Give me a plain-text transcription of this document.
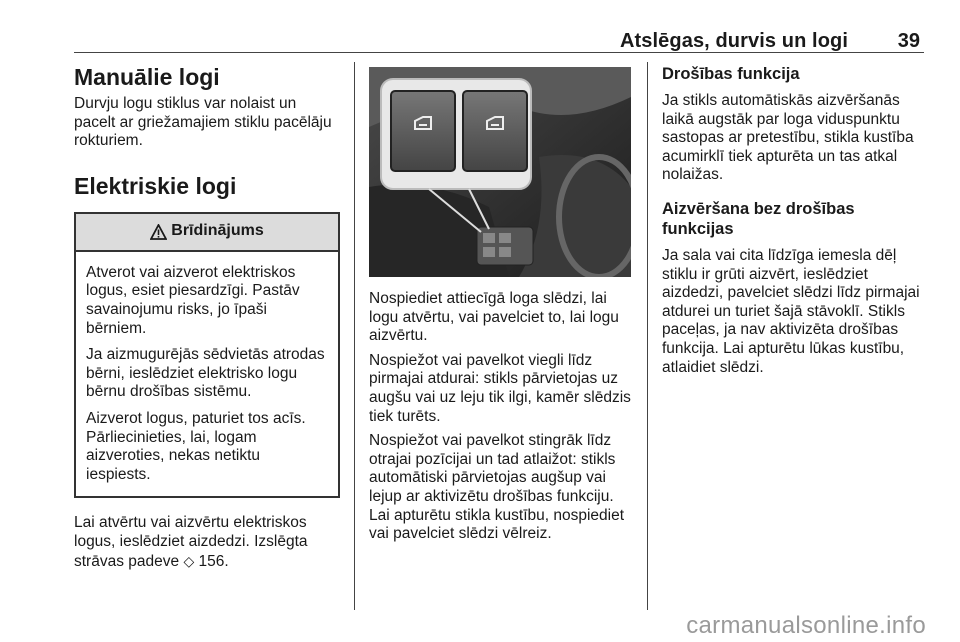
Atslēgas, durvis un logi 39
Manuālie logi

Durvju logu stiklus var nolaist un pacelt ar griežamajiem stiklu pacēlāju rokturiem.

Elektriskie logi
Brīdinājums

Atverot vai aizverot elektriskos logus, esiet piesardzīgi. Pastāv savainojumu risks, jo īpaši bērniem.

Ja aizmugurējās sēdvietās atrodas bērni, ieslēdziet elektrisko logu bērnu drošības sistēmu.

Aizverot logus, paturiet tos acīs. Pārliecinieties, lai, logam aizveroties, nekas netiktu iespiests.

Lai atvērtu vai aizvērtu elektriskos logus, ieslēdziet aizdedzi. Izslēgta strāvas padeve ◇ 156.

Nospiediet attiecīgā loga slēdzi, lai logu atvērtu, vai pavelciet to, lai logu aizvērtu.

Nospiežot vai pavelkot viegli līdz pirmajai atdurai: stikls pārvietojas uz augšu vai uz leju tik ilgi, kamēr slēdzis tiek turēts.

Nospiežot vai pavelkot stingrāk līdz otrajai pozīcijai un tad atlaižot: stikls automātiski pārvietojas augšup vai lejup ar aktivizētu drošības funkciju. Lai apturētu stikla kustību, nospiediet vai pavelciet slēdzi vēlreiz.

Drošības funkcija

Ja stikls automātiskās aizvēršanās laikā augstāk par loga viduspunktu sastopas ar pretestību, stikla kustība acumirklī tiek apturēta un tas atkal nolaižas.

Aizvēršana bez drošības funkcijas

Ja sala vai cita līdzīga iemesla dēļ stiklu ir grūti aizvērt, ieslēdziet aizdedzi, pavelciet slēdzi līdz pirmajai atdurei un turiet šajā stāvoklī. Stikls paceļas, ja nav aktivizēta drošības funkcija. Lai apturētu lūkas kustību, atlaidiet slēdzi.

carmanualsonline.info
